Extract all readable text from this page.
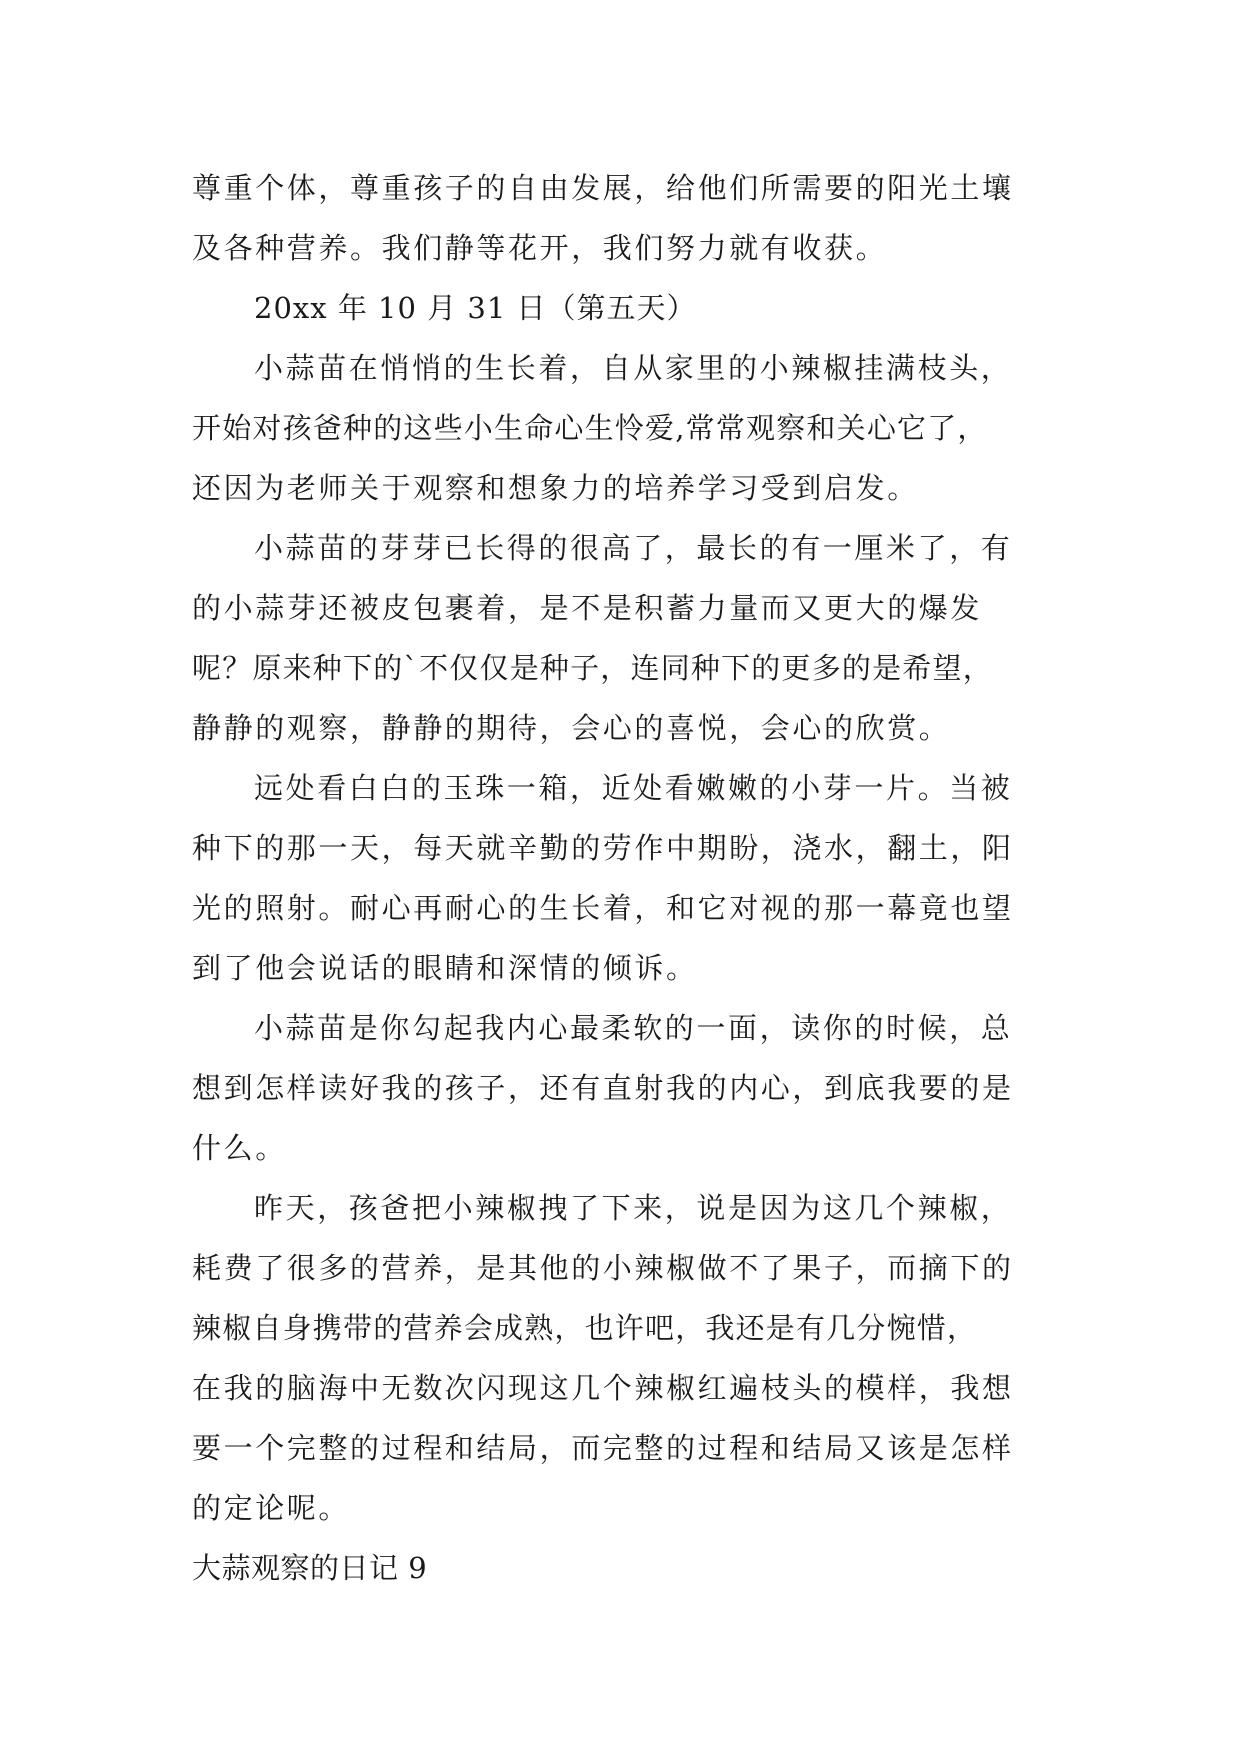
尊重个体，尊重孩子的自由发展，给他们所需要的阳光土壤
及各种营养。我们静等花开，我们努力就有收获。
20xx 年 10 月 31 日（第五天）
小蒜苗在悄悄的生长着，自从家里的小辣椒挂满枝头，
开始对孩爸种的这些小生命心生怜爱,常常观察和关心它了，
还因为老师关于观察和想象力的培养学习受到启发。
小蒜苗的芽芽已长得的很高了，最长的有一厘米了，有
的小蒜芽还被皮包裹着，是不是积蓄力量而又更大的爆发
呢？原来种下的`不仅仅是种子，连同种下的更多的是希望，
静静的观察，静静的期待，会心的喜悦，会心的欣赏。
远处看白白的玉珠一箱，近处看嫩嫩的小芽一片。当被
种下的那一天，每天就辛勤的劳作中期盼，浇水，翻土，阳
光的照射。耐心再耐心的生长着，和它对视的那一幕竟也望
到了他会说话的眼睛和深情的倾诉。
小蒜苗是你勾起我内心最柔软的一面，读你的时候，总
想到怎样读好我的孩子，还有直射我的内心，到底我要的是
什么。
昨天，孩爸把小辣椒拽了下来，说是因为这几个辣椒，
耗费了很多的营养，是其他的小辣椒做不了果子，而摘下的
辣椒自身携带的营养会成熟，也许吧，我还是有几分惋惜，
在我的脑海中无数次闪现这几个辣椒红遍枝头的模样，我想
要一个完整的过程和结局，而完整的过程和结局又该是怎样
的定论呢。
大蒜观察的日记 9
